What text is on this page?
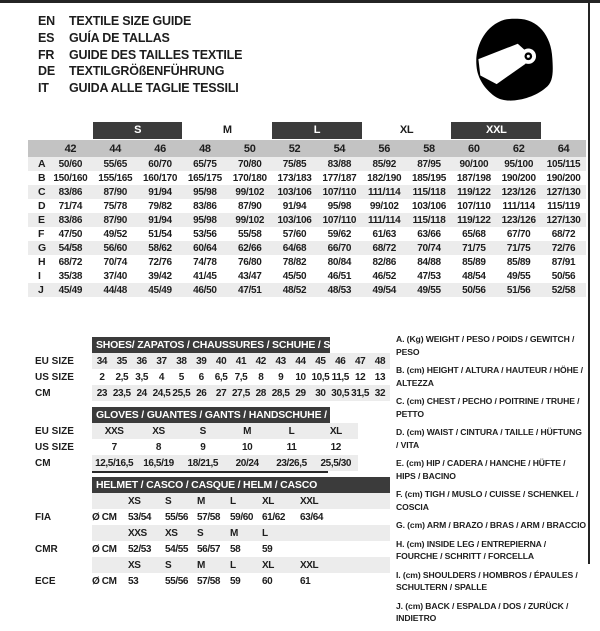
EN	TEXTILE SIZE GUIDE
ES	GUÍA DE TALLAS
FR	GUIDE DES TAILLES TEXTILE
DE	TEXTILGRÖßENFÜHRUNG
IT	GUIDA ALLE TAGLIE TESSILI

		S		M		L		XL		XXL		

	42	44	46	48	50	52	54	56	58	60	62	64
A	50/60	55/65	60/70	65/75	70/80	75/85	83/88	85/92	87/95	90/100	95/100	105/115
B	150/160	155/165	160/170	165/175	170/180	173/183	177/187	182/190	185/195	187/198	190/200	190/200
C	83/86	87/90	91/94	95/98	99/102	103/106	107/110	111/114	115/118	119/122	123/126	127/130
D	71/74	75/78	79/82	83/86	87/90	91/94	95/98	99/102	103/106	107/110	111/114	115/119
E	83/86	87/90	91/94	95/98	99/102	103/106	107/110	111/114	115/118	119/122	123/126	127/130
F	47/50	49/52	51/54	53/56	55/58	57/60	59/62	61/63	63/66	65/68	67/70	68/72
G	54/58	56/60	58/62	60/64	62/66	64/68	66/70	68/72	70/74	71/75	71/75	72/76
H	68/72	70/74	72/76	74/78	76/80	78/82	80/84	82/86	84/88	85/89	85/89	87/91
I	35/38	37/40	39/42	41/45	43/47	45/50	46/51	46/52	47/53	48/54	49/55	50/56
J	45/49	44/48	45/49	46/50	47/51	48/52	48/53	49/54	49/55	50/56	51/56	52/58
SHOES/ ZAPATOS / CHAUSSURES / SCHUHE / SCARPE
EU SIZE	34 35 36 37 38 39 40 41 42 43 44 45 46 47 48
US SIZE	2	2,5 3,5	4	5	6	6,5 7,5	8	9	10 10,5 11,5 12 13
CM	23 23,5 24 24,5 25,5 26 27 27,5 28 28,5 29 30 30,5 31,5 32
GLOVES / GUANTES / GANTS / HANDSCHUHE / GUANTI
EU SIZE	XXS	XS	S	M	L	XL
US SIZE	7	8	9	10	11	12
CM	12,5/16,5 16,5/19	18/21,5	20/24	23/26,5	25,5/30
HELMET / CASCO / CASQUE / HELM / CASCO
XS	S	M	L	XL	XXL
FIA	Ø CM	53/54	55/56 57/58 59/60 61/62	63/64
XXS	XS	S	M	L
CMR	Ø CM	52/53	54/55 56/57 58	59
XS	S	M	L	XL	XXL
ECE	Ø CM	53	55/56 57/58 59	60	61
A. (Kg) WEIGHT / PESO / POIDS / GEWITCH / PESO
B. (cm) HEIGHT / ALTURA / HAUTEUR / HÖHE / ALTEZZA
C. (cm) CHEST / PECHO / POITRINE / TRUHE / PETTO
D. (cm) WAIST / CINTURA / TAILLE / HÜFTUNG / VITA
E. (cm) HIP / CADERA / HANCHE / HÜFTE / HIPS / BACINO
F. (cm) TIGH / MUSLO / CUISSE / SCHENKEL / COSCIA
G. (cm) ARM / BRAZO / BRAS / ARM / BRACCIO
H. (cm) INSIDE LEG / ENTREPIERNA / FOURCHE / SCHRITT / FORCELLA
I. (cm) SHOULDERS / HOMBROS / ÉPAULES / SCHULTERN / SPALLE
J. (cm) BACK / ESPALDA / DOS / ZURÜCK / INDIETRO
